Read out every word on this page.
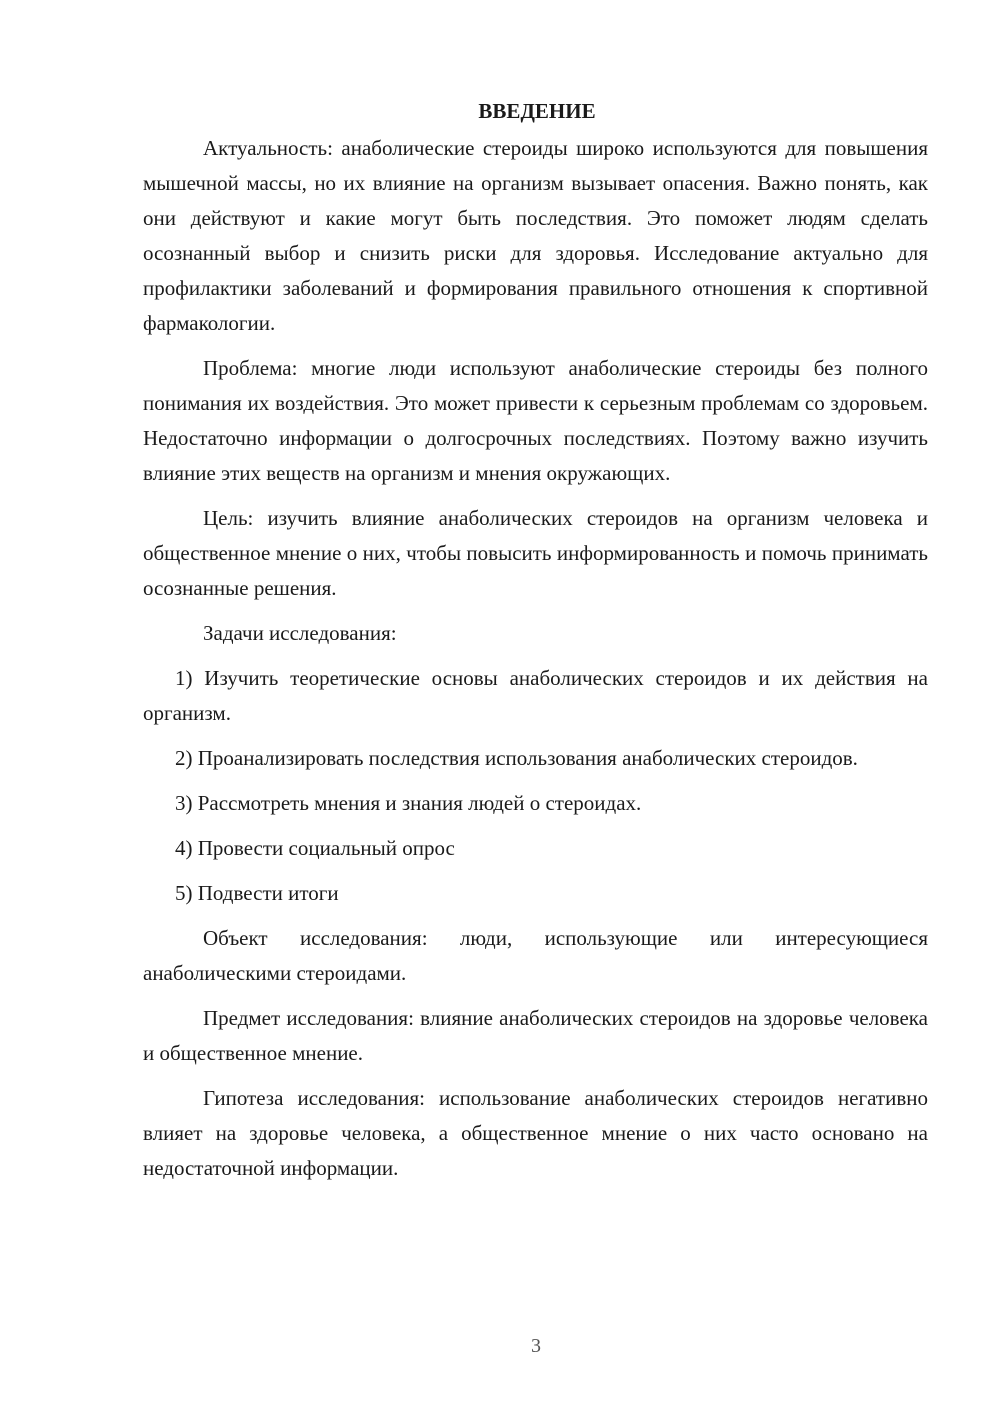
ВВЕДЕНИЕ

Актуальность: анаболические стероиды широко используются для повышения мышечной массы, но их влияние на организм вызывает опасения. Важно понять, как они действуют и какие могут быть последствия. Это поможет людям сделать осознанный выбор и снизить риски для здоровья. Исследование актуально для профилактики заболеваний и формирования правильного отношения к спортивной фармакологии.

Проблема: многие люди используют анаболические стероиды без полного понимания их воздействия. Это может привести к серьезным проблемам со здоровьем. Недостаточно информации о долгосрочных последствиях. Поэтому важно изучить влияние этих веществ на организм и мнения окружающих.

Цель: изучить влияние анаболических стероидов на организм человека и общественное мнение о них, чтобы повысить информированность и помочь принимать осознанные решения.

Задачи исследования:

1) Изучить теоретические основы анаболических стероидов и их действия на организм.

2) Проанализировать последствия использования анаболических стероидов.

3) Рассмотреть мнения и знания людей о стероидах.

4) Провести социальный опрос

5) Подвести итоги

Объект исследования: люди, использующие или интересующиеся анаболическими стероидами.

Предмет исследования: влияние анаболических стероидов на здоровье человека и общественное мнение.

Гипотеза исследования: использование анаболических стероидов негативно влияет на здоровье человека, а общественное мнение о них часто основано на недостаточной информации.

3
